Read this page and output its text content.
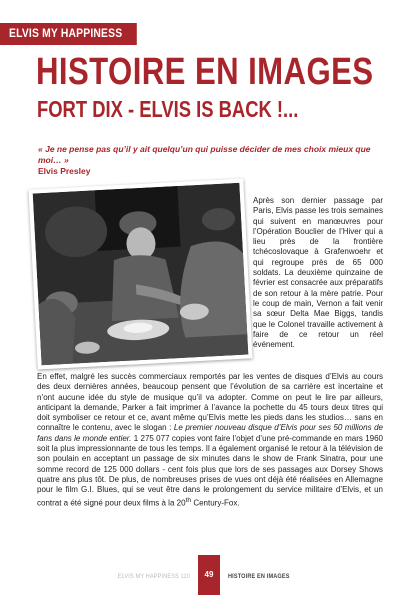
ELVIS MY HAPPINESS 110 HISTOIRE EN IMAGES
FORT DIX - ELVIS IS BACK !...

« Je ne pense pas qu’il y ait quelqu’un qui puisse décider de mes choix mieux que moi… »

Elvis Presley

Après son dernier passage par Paris, Elvis passe les trois semaines qui suivent en manœuvres pour l’Opération Bouclier de l’Hiver qui a lieu près de la frontière tchécoslovaque à Grafenwoehr et qui regroupe près de 65 000 soldats. La deuxième quinzaine de février est consacrée aux préparatifs de son retour à la mère patrie. Pour le coup de main, Vernon a fait venir sa sœur Delta Mae Biggs, tandis que le Colonel travaille activement à faire de ce retour un réel événement.

En effet, malgré les succès commerciaux remportés par les ventes de disques d’Elvis au cours des deux dernières années, beaucoup pensent que l’évolution de sa carrière est incertaine et n’ont aucune idée du style de musique qu’il va adopter. Comme on peut le lire par ailleurs, anticipant la demande, Parker a fait imprimer à l’avance la pochette du 45 tours deux titres qui doit symboliser ce retour et ce, avant même qu’Elvis mette les pieds dans les studios… sans en connaître le contenu, avec le slogan : Le premier nouveau disque d’Elvis pour ses 50 millions de fans dans le monde entier. 1 275 077 copies vont faire l’objet d’une pré-commande en mars 1960 soit la plus impressionnante de tous les temps. Il a également organisé le retour à la télévision de son poulain en acceptant un passage de six minutes dans le show de Frank Sinatra, pour une somme record de 125 000 dollars - cent fois plus que lors de ses passages aux Dorsey Shows quatre ans plus tôt. De plus, de nombreuses prises de vues ont déjà été réalisées en Allemagne pour le film G.I. Blues, qui se veut être dans le prolongement du service militaire d’Elvis, et un contrat a été signé pour deux films à la 20th Century-Fox.

ELVIS MY HAPPINESS 110	49	HISTOIRE EN IMAGES
